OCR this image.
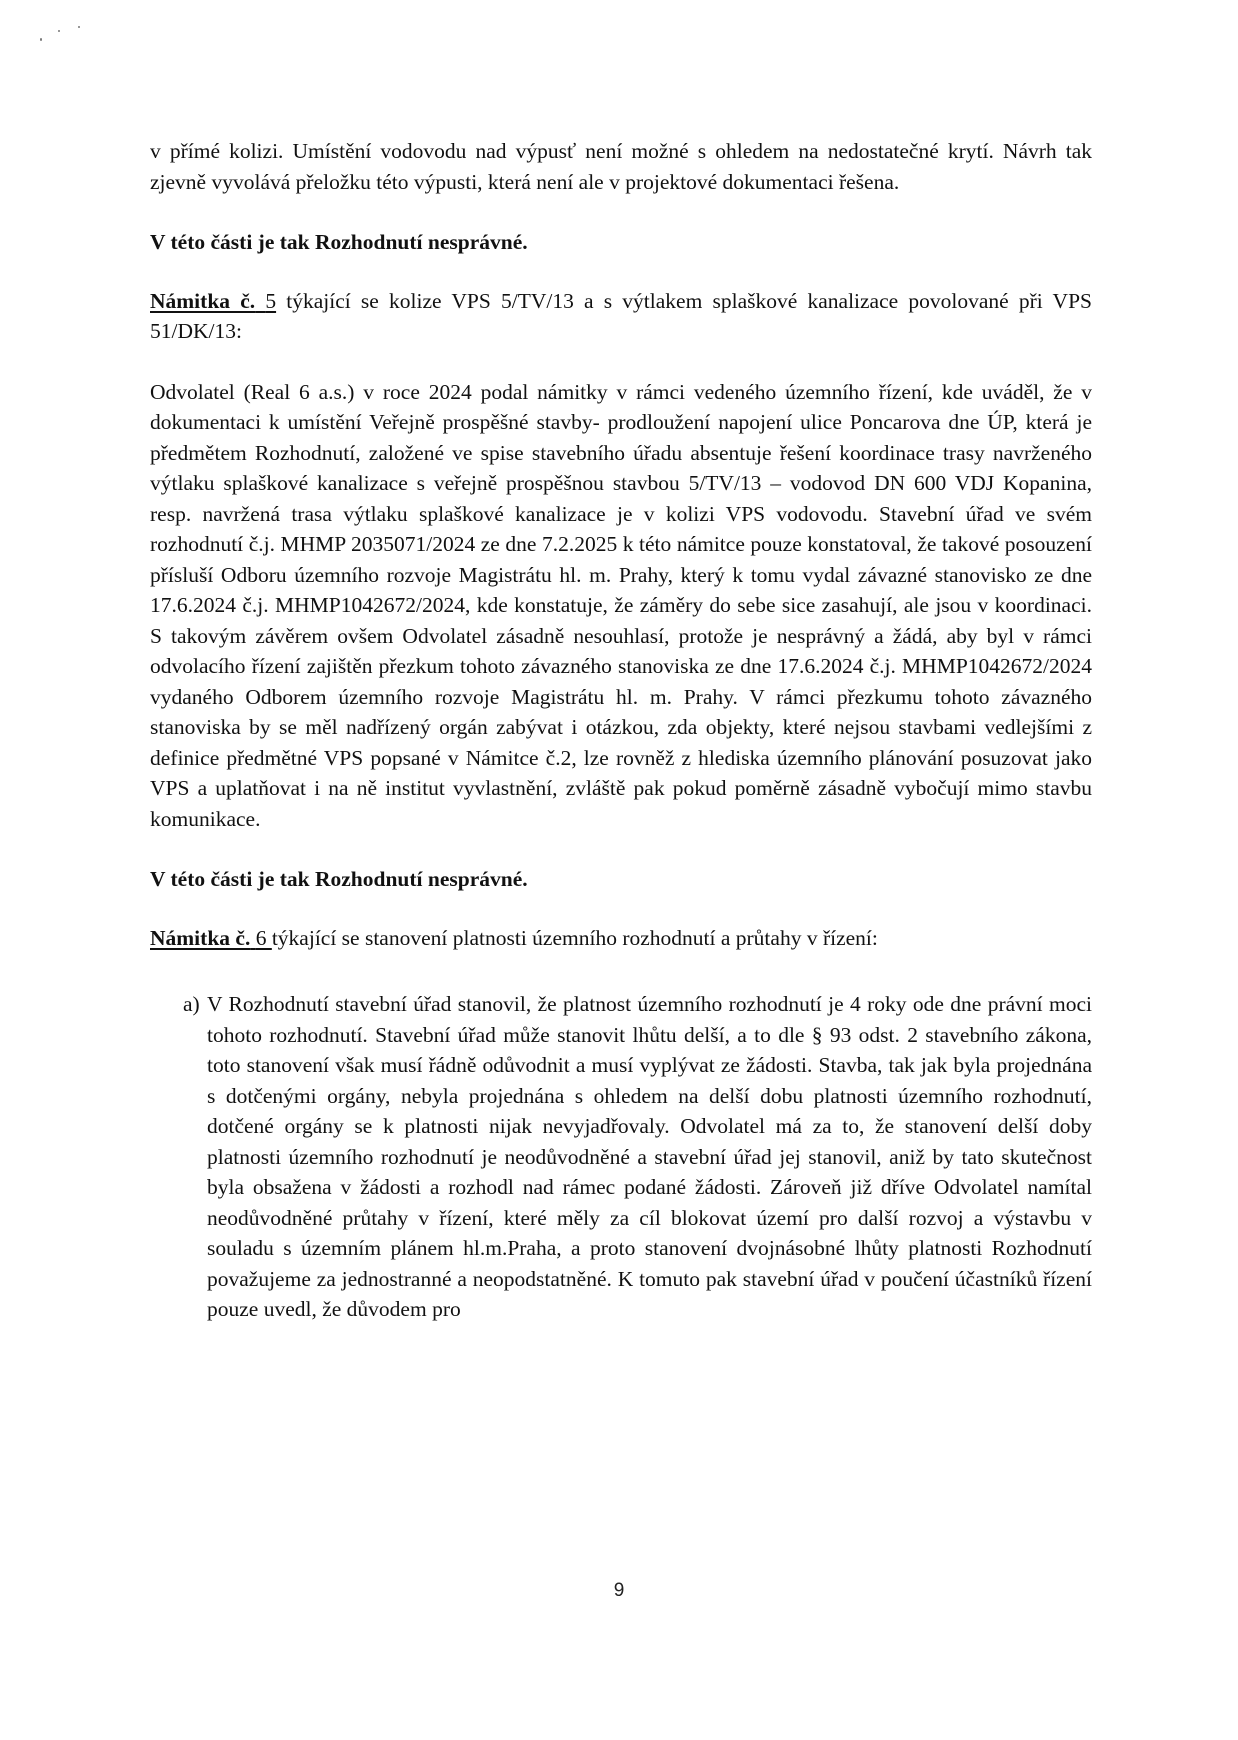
v přímé kolizi. Umístění vodovodu nad výpusť není možné s ohledem na nedostatečné krytí. Návrh tak zjevně vyvolává přeložku této výpusti, která není ale v projektové dokumentaci řešena.

V této části je tak Rozhodnutí nesprávné.

Námitka č. 5 týkající se kolize VPS 5/TV/13 a s výtlakem splaškové kanalizace povolované při VPS 51/DK/13:

Odvolatel (Real 6 a.s.) v roce 2024 podal námitky v rámci vedeného územního řízení, kde uváděl, že v dokumentaci k umístění Veřejně prospěšné stavby- prodloužení napojení ulice Poncarova dne ÚP, která je předmětem Rozhodnutí, založené ve spise stavebního úřadu absentuje řešení koordinace trasy navrženého výtlaku splaškové kanalizace s veřejně prospěšnou stavbou 5/TV/13 – vodovod DN 600 VDJ Kopanina, resp. navržená trasa výtlaku splaškové kanalizace je v kolizi VPS vodovodu. Stavební úřad ve svém rozhodnutí č.j. MHMP 2035071/2024 ze dne 7.2.2025 k této námitce pouze konstatoval, že takové posouzení přísluší Odboru územního rozvoje Magistrátu hl. m. Prahy, který k tomu vydal závazné stanovisko ze dne 17.6.2024 č.j. MHMP1042672/2024, kde konstatuje, že záměry do sebe sice zasahují, ale jsou v koordinaci. S takovým závěrem ovšem Odvolatel zásadně nesouhlasí, protože je nesprávný a žádá, aby byl v rámci odvolacího řízení zajištěn přezkum tohoto závazného stanoviska ze dne 17.6.2024 č.j. MHMP1042672/2024 vydaného Odborem územního rozvoje Magistrátu hl. m. Prahy. V rámci přezkumu tohoto závazného stanoviska by se měl nadřízený orgán zabývat i otázkou, zda objekty, které nejsou stavbami vedlejšími z definice předmětné VPS popsané v Námitce č.2, lze rovněž z hlediska územního plánování posuzovat jako VPS a uplatňovat i na ně institut vyvlastnění, zvláště pak pokud poměrně zásadně vybočují mimo stavbu komunikace.

V této části je tak Rozhodnutí nesprávné.

Námitka č. 6 týkající se stanovení platnosti územního rozhodnutí a průtahy v řízení:

a) V Rozhodnutí stavební úřad stanovil, že platnost územního rozhodnutí je 4 roky ode dne právní moci tohoto rozhodnutí. Stavební úřad může stanovit lhůtu delší, a to dle § 93 odst. 2 stavebního zákona, toto stanovení však musí řádně odůvodnit a musí vyplývat ze žádosti. Stavba, tak jak byla projednána s dotčenými orgány, nebyla projednána s ohledem na delší dobu platnosti územního rozhodnutí, dotčené orgány se k platnosti nijak nevyjadřovaly. Odvolatel má za to, že stanovení delší doby platnosti územního rozhodnutí je neodůvodněné a stavební úřad jej stanovil, aniž by tato skutečnost byla obsažena v žádosti a rozhodl nad rámec podané žádosti. Zároveň již dříve Odvolatel namítal neodůvodněné průtahy v řízení, které měly za cíl blokovat území pro další rozvoj a výstavbu v souladu s územním plánem hl.m.Praha, a proto stanovení dvojnásobné lhůty platnosti Rozhodnutí považujeme za jednostranné a neopodstatněné. K tomuto pak stavební úřad v poučení účastníků řízení pouze uvedl, že důvodem pro

9
